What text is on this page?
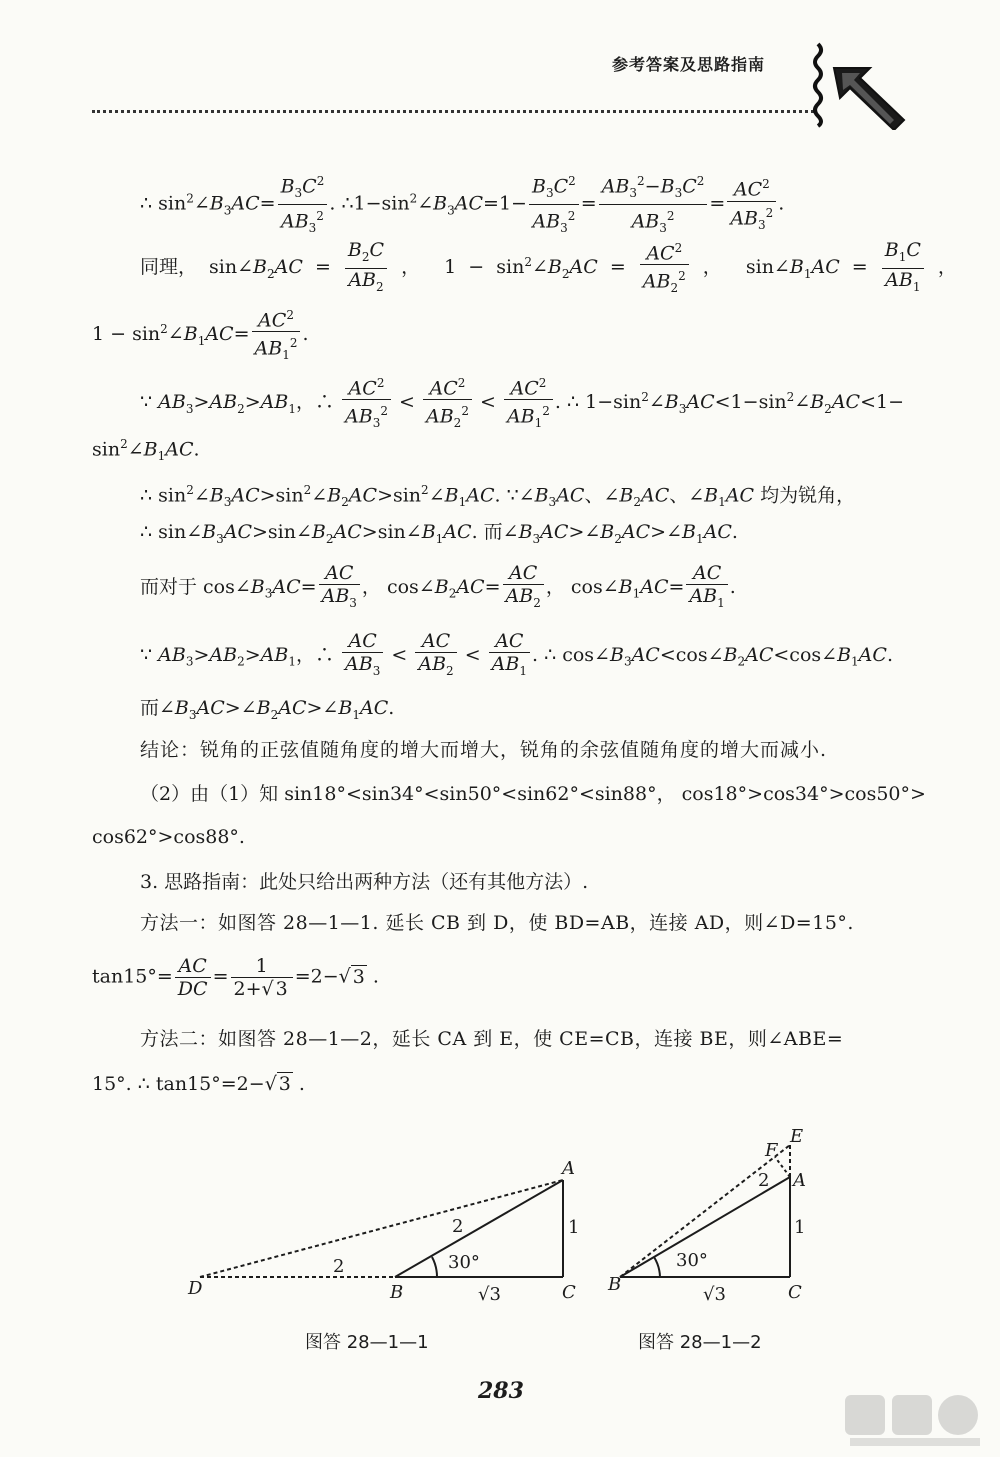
参考答案及思路指南
∴ $\sin^2\angle B_3AC= \frac{B_3C^2}{AB_3^2}$ . $\therefore 1-\sin^2\angle B_3AC=1- \frac{B_3C^2}{AB_3^2} = \frac{AB_3^2-B_3C^2}{AB_3^2} = \frac{AC^2}{AB_3^2}$ .
同理， $\sin\angle B_2AC = \frac{B_2C}{AB_2}$ ，  $1 - \sin^2\angle B_2AC = \frac{AC^2}{AB_2^2}$ ，  $\sin\angle B_1AC = \frac{B_1C}{AB_1}$ ，
$1 - \sin^2\angle B_1AC= \frac{AC^2}{AB_1^2}$ .
∵ $AB_3>AB_2>AB_1$，∴ $\frac{AC^2}{AB_3^2} < \frac{AC^2}{AB_2^2} < \frac{AC^2}{AB_1^2}$ . ∴ $1-\sin^2\angle B_3AC<1-\sin^2\angle B_2AC<1-$
$\sin^2\angle B_1AC$.
∴ $\sin^2\angle B_3AC>\sin^2\angle B_2AC>\sin^2\angle B_1AC$. $\because\angle B_3AC$、$\angle B_2AC$、$\angle B_1AC$ 均为锐角，
∴ $\sin\angle B_3AC>\sin\angle B_2AC>\sin\angle B_1AC$. 而$\angle B_3AC>\angle B_2AC>\angle B_1AC$.
而对于 $\cos\angle B_3AC= \frac{AC}{AB_3}$ ， $\cos\angle B_2AC= \frac{AC}{AB_2}$ ， $\cos\angle B_1AC= \frac{AC}{AB_1}$ .
∵ $AB_3>AB_2>AB_1$，∴ $\frac{AC}{AB_3} < \frac{AC}{AB_2} < \frac{AC}{AB_1}$ . ∴ $\cos\angle B_3AC<\cos\angle B_2AC<\cos\angle B_1AC$.
而$\angle B_3AC>\angle B_2AC>\angle B_1AC$.
结论：锐角的正弦值随角度的增大而增大，锐角的余弦值随角度的增大而减小.
（2）由（1）知 sin18°<sin34°<sin50°<sin62°<sin88°， cos18°>cos34°>cos50°>
cos62°>cos88°.
3. 思路指南：此处只给出两种方法（还有其他方法）.
方法一：如图答 28—1—1. 延长 CB 到 D，使 BD=AB，连接 AD，则∠D=15°.
$\tan 15^\circ= \frac{AC}{DC} = \frac{1}{2+√ 3} =2-√$ 3 .
方法二：如图答 28—1—2，延长 CA 到 E，使 CE=CB，连接 BE，则∠ABE=
15°. ∴ tan15°=2−√ 3 .
D	B	C
A
2
2	1
√3
30°
E
F
A
B	C
2
1
√3
30°
图答 28—1—1	图答 28—1—2
283
